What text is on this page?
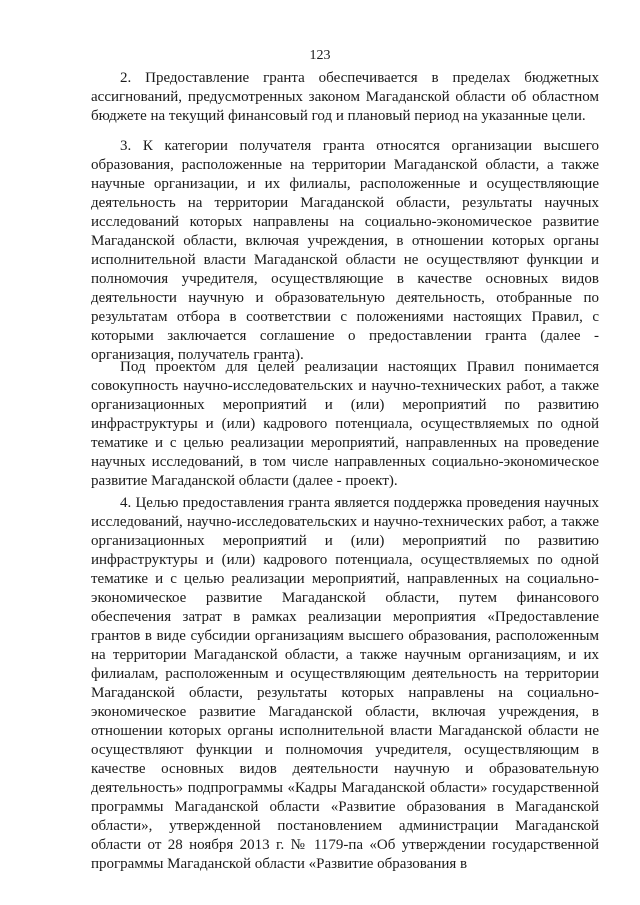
123

2. Предоставление гранта обеспечивается в пределах бюджетных ассигнований, предусмотренных законом Магаданской области об областном бюджете на текущий финансовый год и плановый период на указанные цели.

3. К категории получателя гранта относятся организации высшего образования, расположенные на территории Магаданской области, а также научные организации, и их филиалы, расположенные и осуществляющие деятельность на территории Магаданской области, результаты научных исследований которых направлены на социально-экономическое развитие Магаданской области, включая учреждения, в отношении которых органы исполнительной власти Магаданской области не осуществляют функции и полномочия учредителя, осуществляющие в качестве основных видов деятельности научную и образовательную деятельность, отобранные по результатам отбора в соответствии с положениями настоящих Правил, с которыми заключается соглашение о предоставлении гранта (далее - организация, получатель гранта).

Под проектом для целей реализации настоящих Правил понимается совокупность научно-исследовательских и научно-технических работ, а также организационных мероприятий и (или) мероприятий по развитию инфраструктуры и (или) кадрового потенциала, осуществляемых по одной тематике и с целью реализации мероприятий, направленных на проведение научных исследований, в том числе направленных социально-экономическое развитие Магаданской области (далее - проект).

4. Целью предоставления гранта является поддержка проведения научных исследований, научно-исследовательских и научно-технических работ, а также организационных мероприятий и (или) мероприятий по развитию инфраструктуры и (или) кадрового потенциала, осуществляемых по одной тематике и с целью реализации мероприятий, направленных на социально-экономическое развитие Магаданской области, путем финансового обеспечения затрат в рамках реализации мероприятия «Предоставление грантов в виде субсидии организациям высшего образования, расположенным на территории Магаданской области, а также научным организациям, и их филиалам, расположенным и осуществляющим деятельность на территории Магаданской области, результаты которых направлены на социально-экономическое развитие Магаданской области, включая учреждения, в отношении которых органы исполнительной власти Магаданской области не осуществляют функции и полномочия учредителя, осуществляющим в качестве основных видов деятельности научную и образовательную деятельность» подпрограммы «Кадры Магаданской области» государственной программы Магаданской области «Развитие образования в Магаданской области», утвержденной постановлением администрации Магаданской области от 28 ноября 2013 г. № 1179-па «Об утверждении государственной программы Магаданской области «Развитие образования в
